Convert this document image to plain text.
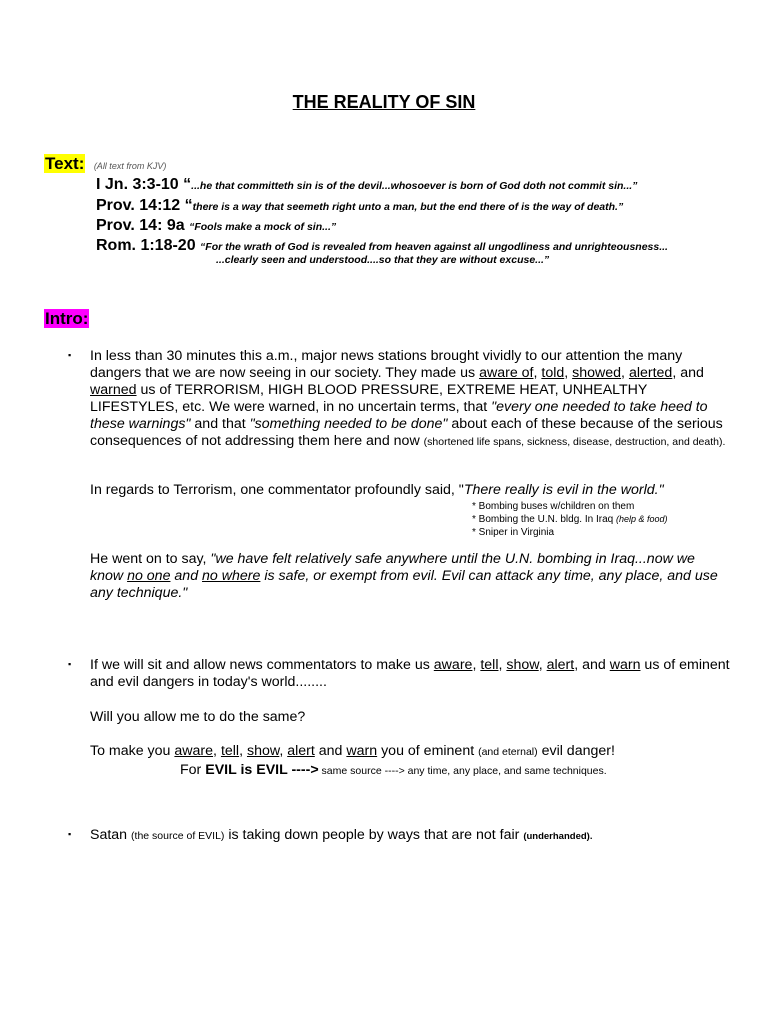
THE REALITY OF SIN
Text: (All text from KJV)
I Jn. 3:3-10 “...he that committeth sin is of the devil...whosoever is born of God doth not commit sin...”
Prov. 14:12 “there is a way that seemeth right unto a man, but the end there of is the way of death.”
Prov. 14: 9a “Fools make a mock of sin...”
Rom. 1:18-20 “For the wrath of God is revealed from heaven against all ungodliness and unrighteousness...
...clearly seen and understood....so that they are without excuse...”
Intro:
▪ In less than 30 minutes this a.m., major news stations brought vividly to our attention the many dangers that we are now seeing in our society. They made us aware of, told, showed, alerted, and warned us of TERRORISM, HIGH BLOOD PRESSURE, EXTREME HEAT, UNHEALTHY LIFESTYLES, etc. We were warned, in no uncertain terms, that "every one needed to take heed to these warnings" and that "something needed to be done" about each of these because of the serious consequences of not addressing them here and now (shortened life spans, sickness, disease, destruction, and death).
In regards to Terrorism, one commentator profoundly said, "There really is evil in the world."
* Bombing buses w/children on them
* Bombing the U.N. bldg. In Iraq (help & food)
* Sniper in Virginia
He went on to say, "we have felt relatively safe anywhere until the U.N. bombing in Iraq...now we know no one and no where is safe, or exempt from evil. Evil can attack any time, any place, and use any technique."
▪ If we will sit and allow news commentators to make us aware, tell, show, alert, and warn us of eminent and evil dangers in today's world........
Will you allow me to do the same?
To make you aware, tell, show, alert and warn you of eminent (and eternal) evil danger!
For EVIL is EVIL ----> same source ----> any time, any place, and same techniques.
▪ Satan (the source of EVIL) is taking down people by ways that are not fair (underhanded).
